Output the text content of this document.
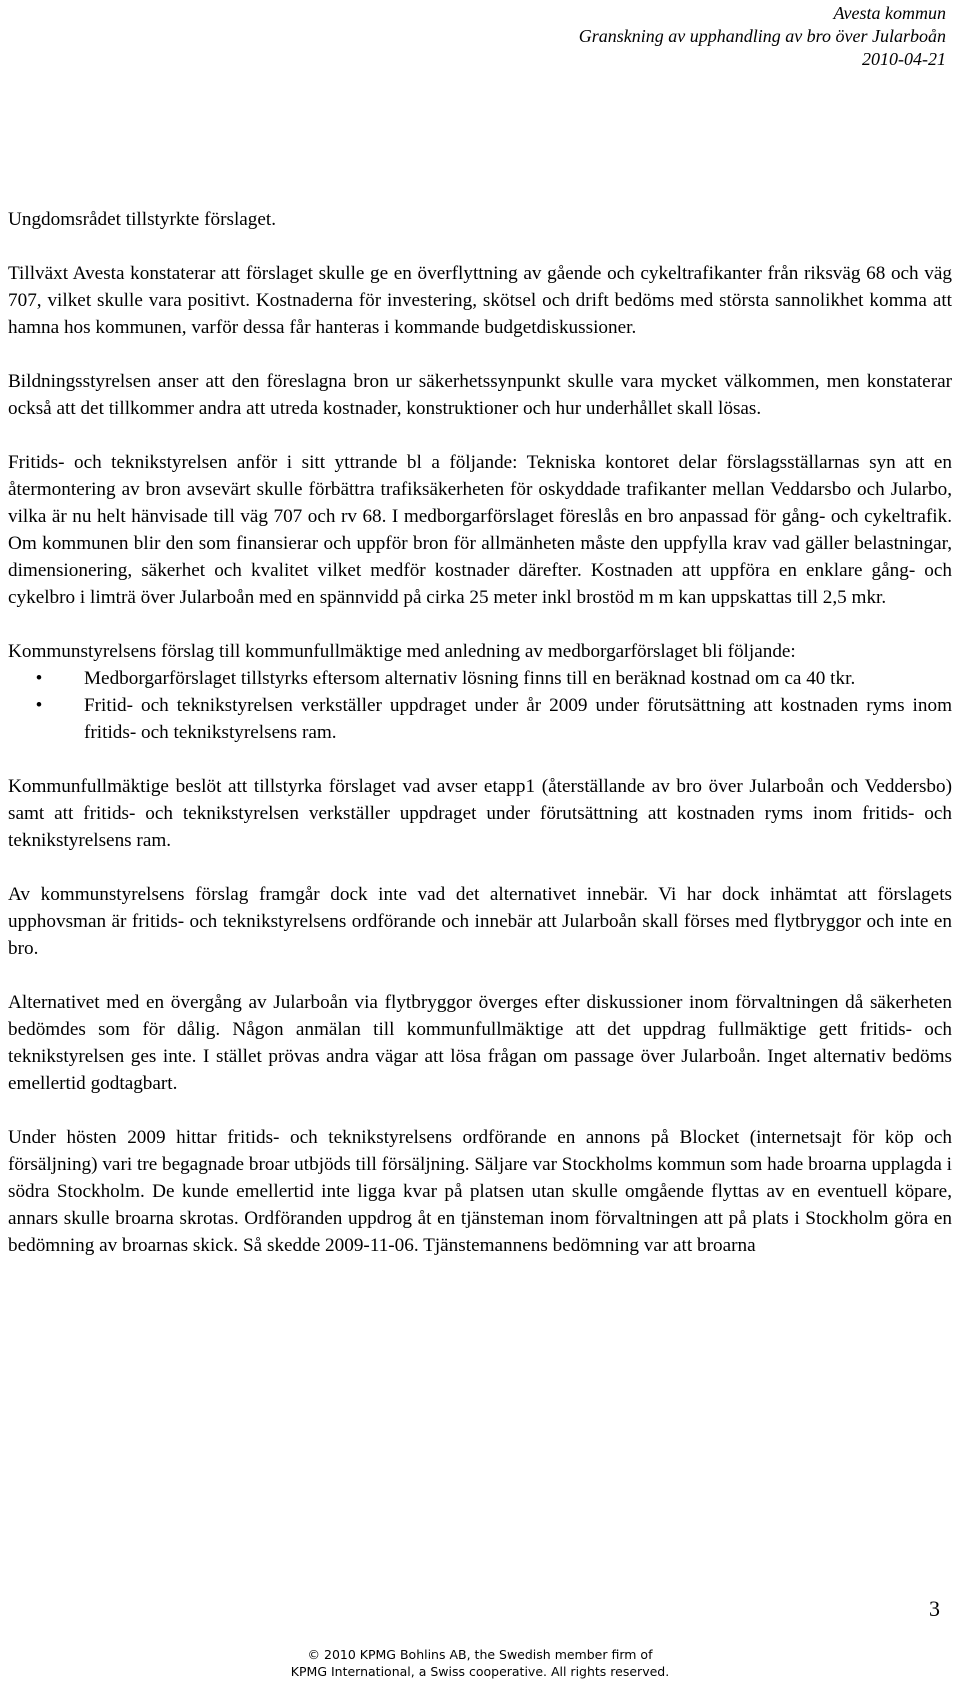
Avesta kommun
Granskning av upphandling av bro över Jularboån
2010-04-21

Ungdomsrådet tillstyrkte förslaget.

Tillväxt Avesta konstaterar att förslaget skulle ge en överflyttning av gående och cykeltrafikanter från riksväg 68 och väg 707, vilket skulle vara positivt. Kostnaderna för investering, skötsel och drift bedöms med största sannolikhet komma att hamna hos kommunen, varför dessa får hanteras i kommande budgetdiskussioner.

Bildningsstyrelsen anser att den föreslagna bron ur säkerhetssynpunkt skulle vara mycket välkommen, men konstaterar också att det tillkommer andra att utreda kostnader, konstruktioner och hur underhållet skall lösas.

Fritids- och teknikstyrelsen anför i sitt yttrande bl a följande: Tekniska kontoret delar förslagsställarnas syn att en återmontering av bron avsevärt skulle förbättra trafiksäkerheten för oskyddade trafikanter mellan Veddarsbo och Jularbo, vilka är nu helt hänvisade till väg 707 och rv 68. I medborgarförslaget föreslås en bro anpassad för gång- och cykeltrafik. Om kommunen blir den som finansierar och uppför bron för allmänheten måste den uppfylla krav vad gäller belastningar, dimensionering, säkerhet och kvalitet vilket medför kostnader därefter. Kostnaden att uppföra en enklare gång- och cykelbro i limträ över Jularboån med en spännvidd på cirka 25 meter inkl brostöd m m kan uppskattas till 2,5 mkr.

Kommunstyrelsens förslag till kommunfullmäktige med anledning av medborgarförslaget bli följande:

• Medborgarförslaget tillstyrks eftersom alternativ lösning finns till en beräknad kostnad om ca 40 tkr.
• Fritid- och teknikstyrelsen verkställer uppdraget under år 2009 under förutsättning att kostnaden ryms inom fritids- och teknikstyrelsens ram.

Kommunfullmäktige beslöt att tillstyrka förslaget vad avser etapp1 (återställande av bro över Jularboån och Veddersbo) samt att fritids- och teknikstyrelsen verkställer uppdraget under förutsättning att kostnaden ryms inom fritids- och teknikstyrelsens ram.

Av kommunstyrelsens förslag framgår dock inte vad det alternativet innebär. Vi har dock inhämtat att förslagets upphovsman är fritids- och teknikstyrelsens ordförande och innebär att Jularboån skall förses med flytbryggor och inte en bro.

Alternativet med en övergång av Jularboån via flytbryggor överges efter diskussioner inom förvaltningen då säkerheten bedömdes som för dålig. Någon anmälan till kommunfullmäktige att det uppdrag fullmäktige gett fritids- och teknikstyrelsen ges inte. I stället prövas andra vägar att lösa frågan om passage över Jularboån. Inget alternativ bedöms emellertid godtagbart.

Under hösten 2009 hittar fritids- och teknikstyrelsens ordförande en annons på Blocket (internetsajt för köp och försäljning) vari tre begagnade broar utbjöds till försäljning. Säljare var Stockholms kommun som hade broarna upplagda i södra Stockholm. De kunde emellertid inte ligga kvar på platsen utan skulle omgående flyttas av en eventuell köpare, annars skulle broarna skrotas. Ordföranden uppdrog åt en tjänsteman inom förvaltningen att på plats i Stockholm göra en bedömning av broarnas skick. Så skedde 2009-11-06. Tjänstemannens bedömning var att broarna

3
© 2010 KPMG Bohlins AB, the Swedish member firm of
KPMG International, a Swiss cooperative. All rights reserved.
